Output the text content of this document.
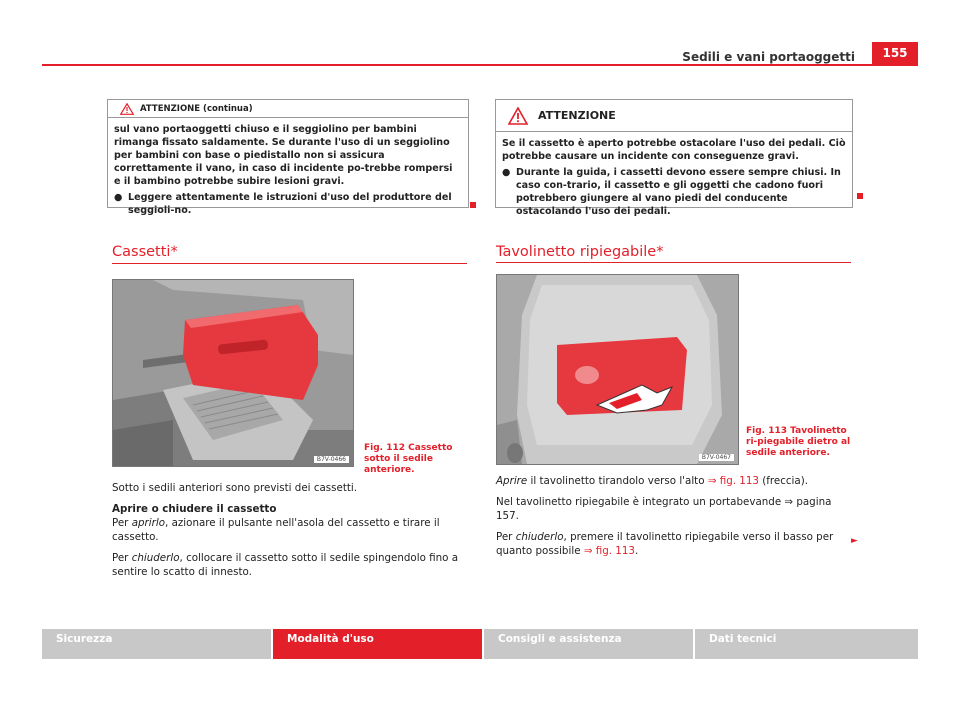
Sedili e vani portaoggetti	155
ATTENZIONE (continua)

sul vano portaoggetti chiuso e il seggiolino per bambini rimanga fissato saldamente. Se durante l'uso di un seggiolino per bambini con base o piedistallo non si assicura correttamente il vano, in caso di incidente po-trebbe rompersi e il bambino potrebbe subire lesioni gravi.

● Leggere attentamente le istruzioni d'uso del produttore del seggioli-no.
ATTENZIONE

Se il cassetto è aperto potrebbe ostacolare l'uso dei pedali. Ciò potrebbe causare un incidente con conseguenze gravi.

● Durante la guida, i cassetti devono essere sempre chiusi. In caso con-trario, il cassetto e gli oggetti che cadono fuori potrebbero giungere al vano piedi del conducente ostacolando l'uso dei pedali.
Cassetti*
B7V-0466
Fig. 112 Cassetto sotto il sedile anteriore.

Sotto i sedili anteriori sono previsti dei cassetti.

Aprire o chiudere il cassetto

Per aprirlo, azionare il pulsante nell'asola del cassetto e tirare il cassetto.

Per chiuderlo, collocare il cassetto sotto il sedile spingendolo fino a sentire lo scatto di innesto.

Tavolinetto ripiegabile*
B7V-0467
Fig. 113 Tavolinetto ri-piegabile dietro al sedile anteriore.

Aprire il tavolinetto tirandolo verso l'alto ⇒ fig. 113 (freccia).

Nel tavolinetto ripiegabile è integrato un portabevande ⇒ pagina 157.

Per chiuderlo, premere il tavolinetto ripiegabile verso il basso per quanto possibile ⇒ fig. 113.

►
Sicurezza	Modalità d'uso	Consigli e assistenza	Dati tecnici
